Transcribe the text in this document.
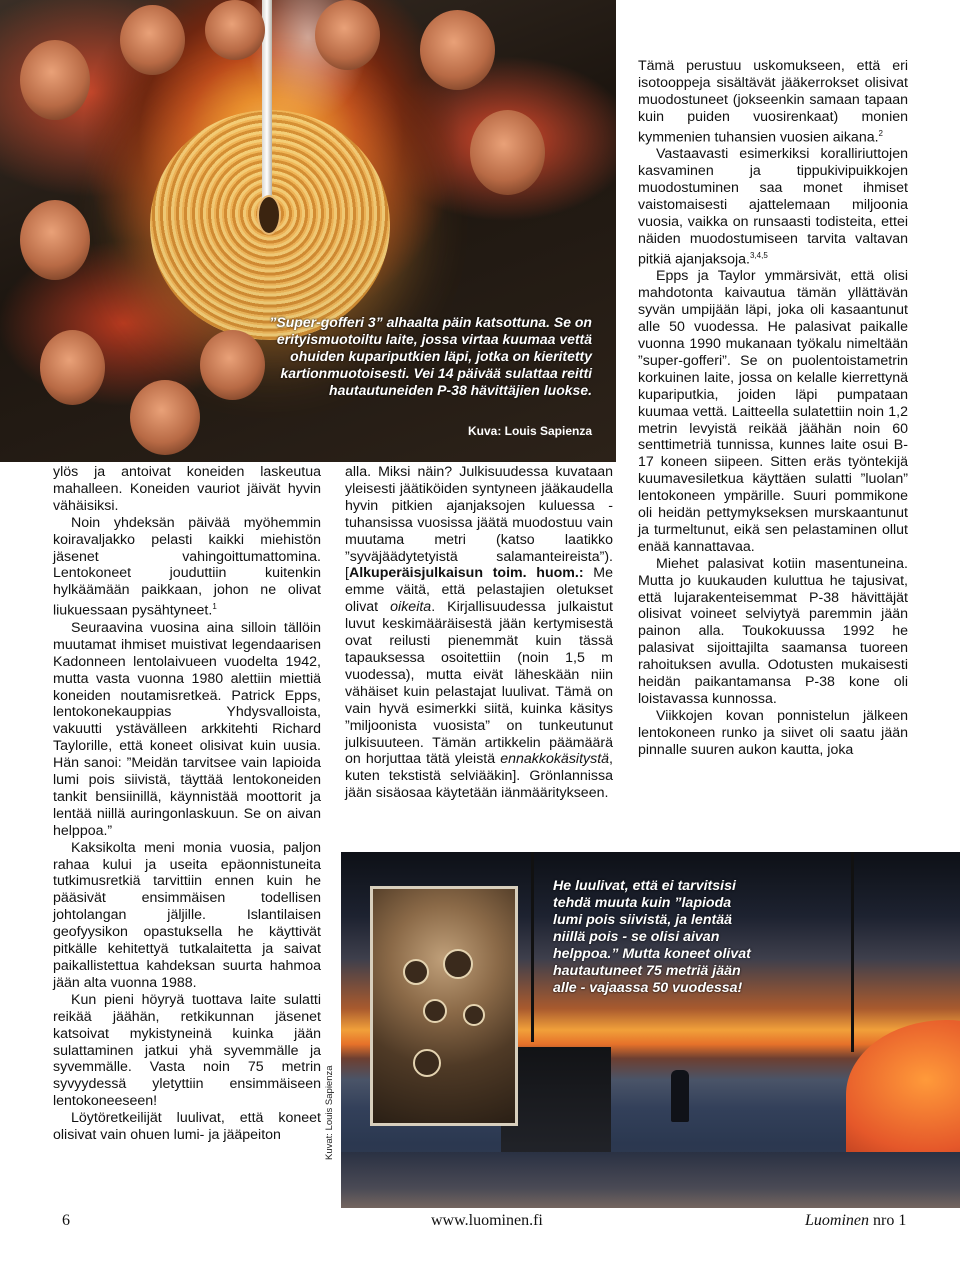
”Super-gofferi 3” alhaalta päin katsottuna. Se on erityismuotoiltu laite, jossa virtaa kuumaa vettä ohuiden kupariputkien läpi, jotka on kieritetty kartionmuotoisesti. Vei 14 päivää sulattaa reitti hautautuneiden P-38 hävittäjien luokse.
Kuva: Louis Sapienza

ylös ja antoivat koneiden laskeutua mahalleen. Koneiden vauriot jäivät hyvin vähäisiksi.

Noin yhdeksän päivää myöhemmin koiravaljakko pelasti kaikki miehistön jäsenet vahingoittumattomina. Lentokoneet jouduttiin kuitenkin hylkäämään paikkaan, johon ne olivat liukuessaan pysähtyneet.$^1$

Seuraavina vuosina aina silloin tällöin muutamat ihmiset muistivat legendaarisen Kadonneen lentolaivueen vuodelta 1942, mutta vasta vuonna 1980 alettiin miettiä koneiden noutamisretkeä. Patrick Epps, lentokonekauppias Yhdysvalloista, vakuutti ystävälleen arkkitehti Richard Taylorille, että koneet olisivat kuin uusia. Hän sanoi: ”Meidän tarvitsee vain lapioida lumi pois siivistä, täyttää lentokoneiden tankit bensiinillä, käynnistää moottorit ja lentää niillä auringonlaskuun. Se on aivan helppoa.”

Kaksikolta meni monia vuosia, paljon rahaa kului ja useita epäonnistuneita tutkimusretkiä tarvittiin ennen kuin he pääsivät ensimmäisen todellisen johtolangan jäljille. Islantilaisen geofyysikon opastuksella he käyttivät pitkälle kehitettyä tutkalaitetta ja saivat paikallistettua kahdeksan suurta hahmoa jään alta vuonna 1988.

Kun pieni höyryä tuottava laite sulatti reikää jäähän, retkikunnan jäsenet katsoivat mykistyneinä kuinka jään sulattaminen jatkui yhä syvemmälle ja syvemmälle. Vasta noin 75 metrin syvyydessä yletyttiin ensimmäiseen lentokoneeseen!

Löytöretkeilijät luulivat, että koneet olisivat vain ohuen lumi- ja jääpeiton

alla. Miksi näin? Julkisuudessa kuvataan yleisesti jäätiköiden syntyneen jääkaudella hyvin pitkien ajanjaksojen kuluessa - tuhansissa vuosissa jäätä muodostuu vain muutama metri (katso laatikko ”syväjäädytetyistä salamanteireista”). [Alkuperäisjulkaisun toim. huom.: Me emme väitä, että pelastajien oletukset olivat oikeita. Kirjallisuudessa julkaistut luvut keskimääräisestä jään kertymisestä ovat reilusti pienemmät kuin tässä tapauksessa osoitettiin (noin 1,5 m vuodessa), mutta eivät läheskään niin vähäiset kuin pelastajat luulivat. Tämä on vain hyvä esimerkki siitä, kuinka käsitys ”miljoonista vuosista” on tunkeutunut julkisuuteen. Tämän artikkelin päämäärä on horjuttaa tätä yleistä ennakkokäsitystä, kuten tekstistä selviääkin]. Grönlannissa jään sisäosaa käytetään iänmääritykseen.

Tämä perustuu uskomukseen, että eri isotooppeja sisältävät jääkerrokset olisivat muodostuneet (jokseenkin samaan tapaan kuin puiden vuosirenkaat) monien kymmenien tuhansien vuosien aikana.$^2$

Vastaavasti esimerkiksi koralliriuttojen kasvaminen ja tippukivipuikkojen muodostuminen saa monet ihmiset vaistomaisesti ajattelemaan miljoonia vuosia, vaikka on runsaasti todisteita, ettei näiden muodostumiseen tarvita valtavan pitkiä ajanjaksoja.$^{3,4,5}$

Epps ja Taylor ymmärsivät, että olisi mahdotonta kaivautua tämän yllättävän syvän umpijään läpi, joka oli kasaantunut alle 50 vuodessa. He palasivat paikalle vuonna 1990 mukanaan työkalu nimeltään ”super-gofferi”. Se on puolentoistametrin korkuinen laite, jossa on kelalle kierrettynä kupariputkia, joiden läpi pumpataan kuumaa vettä. Laitteella sulatettiin noin 1,2 metrin levyistä reikää jäähän noin 60 senttimetriä tunnissa, kunnes laite osui B-17 koneen siipeen. Sitten eräs työntekijä kuumavesiletkua käyttäen sulatti ”luolan” lentokoneen ympärille. Suuri pommikone oli heidän pettymykseksen murskaantunut ja turmeltunut, eikä sen pelastaminen ollut enää kannattavaa.

Miehet palasivat kotiin masentuneina. Mutta jo kuukauden kuluttua he tajusivat, että lujarakenteisemmat P-38 hävittäjät olisivat voineet selviytyä paremmin jään painon alla. Toukokuussa 1992 he palasivat sijoittajilta saamansa tuoreen rahoituksen avulla. Odotusten mukaisesti heidän paikantamansa P-38 kone oli loistavassa kunnossa.

Viikkojen kovan ponnistelun jälkeen lentokoneen runko ja siivet oli saatu jään pinnalle suuren aukon kautta, joka

He luulivat, että ei tarvitsisi tehdä muuta kuin ”lapioda lumi pois siivistä, ja lentää niillä pois - se olisi aivan helppoa.” Mutta koneet olivat hautautuneet 75 metriä jään alle - vajaassa 50 vuodessa!
Kuvat: Louis Sapienza
6	www.luominen.fi	Luominen nro 1
